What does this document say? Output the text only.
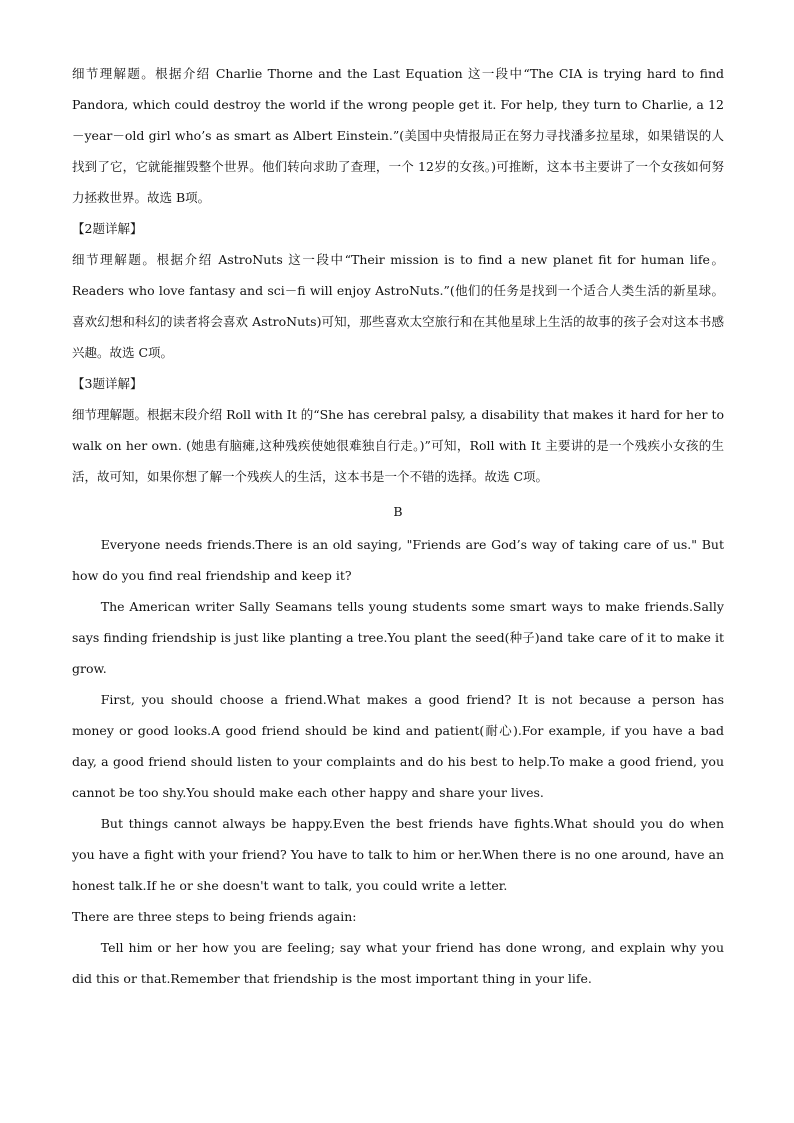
细节理解题。根据介绍 Charlie Thorne and the Last Equation 这一段中“The CIA is trying hard to find Pandora, which could destroy the world if the wrong people get it. For help, they turn to Charlie, a 12－year－old girl who’s as smart as Albert Einstein.”(美国中央情报局正在努力寻找潘多拉星球，如果错误的人找到了它，它就能摧毁整个世界。他们转向求助了查理，一个 12岁的女孩。)可推断，这本书主要讲了一个女孩如何努力拯救世界。故选 B项。

【2题详解】

细节理解题。根据介绍 AstroNuts 这一段中“Their mission is to find a new planet fit for human life。Readers who love fantasy and sci－fi will enjoy AstroNuts.”(他们的任务是找到一个适合人类生活的新星球。喜欢幻想和科幻的读者将会喜欢 AstroNuts)可知，那些喜欢太空旅行和在其他星球上生活的故事的孩子会对这本书感兴趣。故选 C项。

【3题详解】

细节理解题。根据末段介绍 Roll with It 的“She has cerebral palsy, a disability that makes it hard for her to walk on her own. (她患有脑瘫,这种残疾使她很难独自行走。)”可知，Roll with It 主要讲的是一个残疾小女孩的生活，故可知，如果你想了解一个残疾人的生活，这本书是一个不错的选择。故选 C项。

B

Everyone needs friends.There is an old saying, "Friends are God’s way of taking care of us." But how do you find real friendship and keep it?

The American writer Sally Seamans tells young students some smart ways to make friends.Sally says finding friendship is just like planting a tree.You plant the seed(种子)and take care of it to make it grow.

First, you should choose a friend.What makes a good friend? It is not because a person has money or good looks.A good friend should be kind and patient(耐心).For example, if you have a bad day, a good friend should listen to your complaints and do his best to help.To make a good friend, you cannot be too shy.You should make each other happy and share your lives.

But things cannot always be happy.Even the best friends have fights.What should you do when you have a fight with your friend? You have to talk to him or her.When there is no one around, have an honest talk.If he or she doesn't want to talk, you could write a letter.

There are three steps to being friends again:

Tell him or her how you are feeling; say what your friend has done wrong, and explain why you did this or that.Remember that friendship is the most important thing in your life.
